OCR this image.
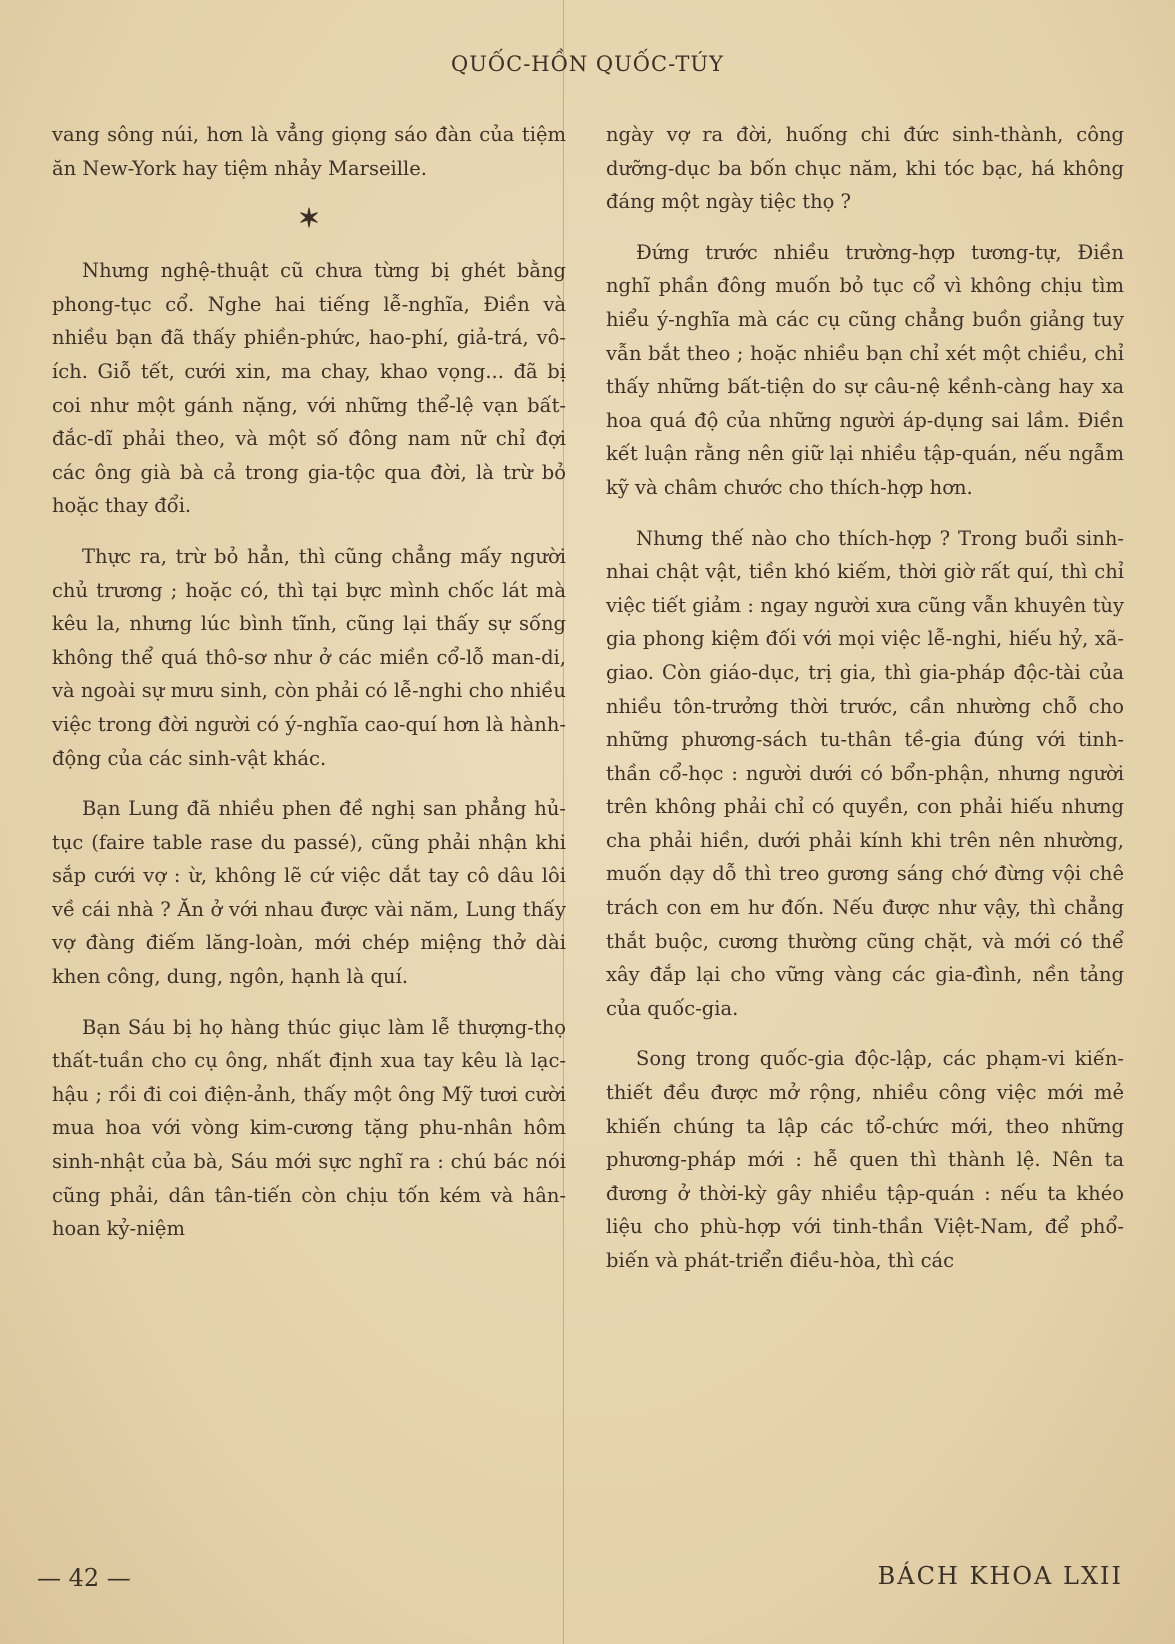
QUỐC-HỒN QUỐC-TÚY

vang sông núi, hơn là vẳng giọng sáo đàn của tiệm ăn New-York hay tiệm nhảy Marseille.

✶

Nhưng nghệ-thuật cũ chưa từng bị ghét bằng phong-tục cổ. Nghe hai tiếng lễ-nghĩa, Điền và nhiều bạn đã thấy phiền-phức, hao-phí, giả-trá, vô-ích. Giỗ tết, cưới xin, ma chay, khao vọng... đã bị coi như một gánh nặng, với những thể-lệ vạn bất-đắc-dĩ phải theo, và một số đông nam nữ chỉ đợi các ông già bà cả trong gia-tộc qua đời, là trừ bỏ hoặc thay đổi.

Thực ra, trừ bỏ hẳn, thì cũng chẳng mấy người chủ trương ; hoặc có, thì tại bực mình chốc lát mà kêu la, nhưng lúc bình tĩnh, cũng lại thấy sự sống không thể quá thô-sơ như ở các miền cổ-lỗ man-di, và ngoài sự mưu sinh, còn phải có lễ-nghi cho nhiều việc trong đời người có ý-nghĩa cao-quí hơn là hành-động của các sinh-vật khác.

Bạn Lung đã nhiều phen đề nghị san phẳng hủ-tục (faire table rase du passé), cũng phải nhận khi sắp cưới vợ : ừ, không lẽ cứ việc dắt tay cô dâu lôi về cái nhà ? Ăn ở với nhau được vài năm, Lung thấy vợ đàng điếm lăng-loàn, mới chép miệng thở dài khen công, dung, ngôn, hạnh là quí.

Bạn Sáu bị họ hàng thúc giục làm lễ thượng-thọ thất-tuần cho cụ ông, nhất định xua tay kêu là lạc-hậu ; rồi đi coi điện-ảnh, thấy một ông Mỹ tươi cười mua hoa với vòng kim-cương tặng phu-nhân hôm sinh-nhật của bà, Sáu mới sực nghĩ ra : chú bác nói cũng phải, dân tân-tiến còn chịu tốn kém và hân-hoan kỷ-niệm

ngày vợ ra đời, huống chi đức sinh-thành, công dưỡng-dục ba bốn chục năm, khi tóc bạc, há không đáng một ngày tiệc thọ ?

Đứng trước nhiều trường-hợp tương-tự, Điền nghĩ phần đông muốn bỏ tục cổ vì không chịu tìm hiểu ý-nghĩa mà các cụ cũng chẳng buồn giảng tuy vẫn bắt theo ; hoặc nhiều bạn chỉ xét một chiều, chỉ thấy những bất-tiện do sự câu-nệ kềnh-càng hay xa hoa quá độ của những người áp-dụng sai lầm. Điền kết luận rằng nên giữ lại nhiều tập-quán, nếu ngẫm kỹ và châm chước cho thích-hợp hơn.

Nhưng thế nào cho thích-hợp ? Trong buổi sinh-nhai chật vật, tiền khó kiếm, thời giờ rất quí, thì chỉ việc tiết giảm : ngay người xưa cũng vẫn khuyên tùy gia phong kiệm đối với mọi việc lễ-nghi, hiếu hỷ, xã-giao. Còn giáo-dục, trị gia, thì gia-pháp độc-tài của nhiều tôn-trưởng thời trước, cần nhường chỗ cho những phương-sách tu-thân tề-gia đúng với tinh-thần cổ-học : người dưới có bổn-phận, nhưng người trên không phải chỉ có quyền, con phải hiếu nhưng cha phải hiền, dưới phải kính khi trên nên nhường, muốn dạy dỗ thì treo gương sáng chớ đừng vội chê trách con em hư đốn. Nếu được như vậy, thì chẳng thắt buộc, cương thường cũng chặt, và mới có thể xây đắp lại cho vững vàng các gia-đình, nền tảng của quốc-gia.

Song trong quốc-gia độc-lập, các phạm-vi kiến-thiết đều được mở rộng, nhiều công việc mới mẻ khiến chúng ta lập các tổ-chức mới, theo những phương-pháp mới : hễ quen thì thành lệ. Nên ta đương ở thời-kỳ gây nhiều tập-quán : nếu ta khéo liệu cho phù-hợp với tinh-thần Việt-Nam, để phổ-biến và phát-triển điều-hòa, thì các

— 42 —	BÁCH KHOA LXII
